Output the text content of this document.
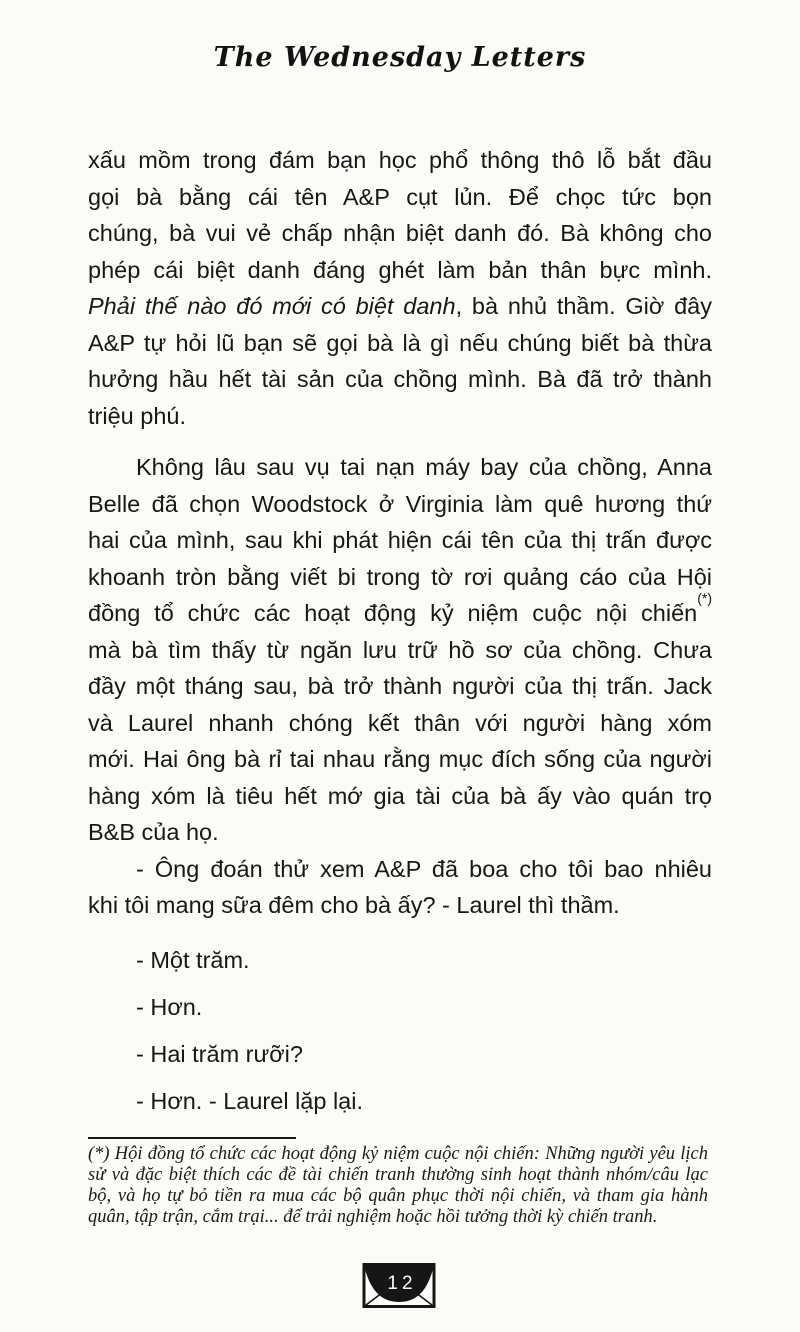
The Wednesday Letters
xấu mồm trong đám bạn học phổ thông thô lỗ bắt đầu
gọi bà bằng cái tên A&P cụt lủn. Để chọc tức bọn
chúng, bà vui vẻ chấp nhận biệt danh đó. Bà không cho
phép cái biệt danh đáng ghét làm bản thân bực mình.
Phải thế nào đó mới có biệt danh, bà nhủ thầm. Giờ đây
A&P tự hỏi lũ bạn sẽ gọi bà là gì nếu chúng biết bà thừa
hưởng hầu hết tài sản của chồng mình. Bà đã trở thành
triệu phú.
Không lâu sau vụ tai nạn máy bay của chồng, Anna
Belle đã chọn Woodstock ở Virginia làm quê hương thứ
hai của mình, sau khi phát hiện cái tên của thị trấn được
khoanh tròn bằng viết bi trong tờ rơi quảng cáo của Hội
đồng tổ chức các hoạt động kỷ niệm cuộc nội chiến(*)
mà bà tìm thấy từ ngăn lưu trữ hồ sơ của chồng. Chưa
đầy một tháng sau, bà trở thành người của thị trấn. Jack
và Laurel nhanh chóng kết thân với người hàng xóm
mới. Hai ông bà rỉ tai nhau rằng mục đích sống của người
hàng xóm là tiêu hết mớ gia tài của bà ấy vào quán trọ
B&B của họ.
- Ông đoán thử xem A&P đã boa cho tôi bao nhiêu
khi tôi mang sữa đêm cho bà ấy? - Laurel thì thầm.
- Một trăm.
- Hơn.
- Hai trăm rưỡi?
- Hơn. - Laurel lặp lại.
(*) Hội đồng tổ chức các hoạt động kỷ niệm cuộc nội chiến: Những người yêu lịch
sử và đặc biệt thích các đề tài chiến tranh thường sinh hoạt thành nhóm/câu lạc
bộ, và họ tự bỏ tiền ra mua các bộ quân phục thời nội chiến, và tham gia hành
quân, tập trận, cắm trại... để trải nghiệm hoặc hồi tưởng thời kỳ chiến tranh.
12
